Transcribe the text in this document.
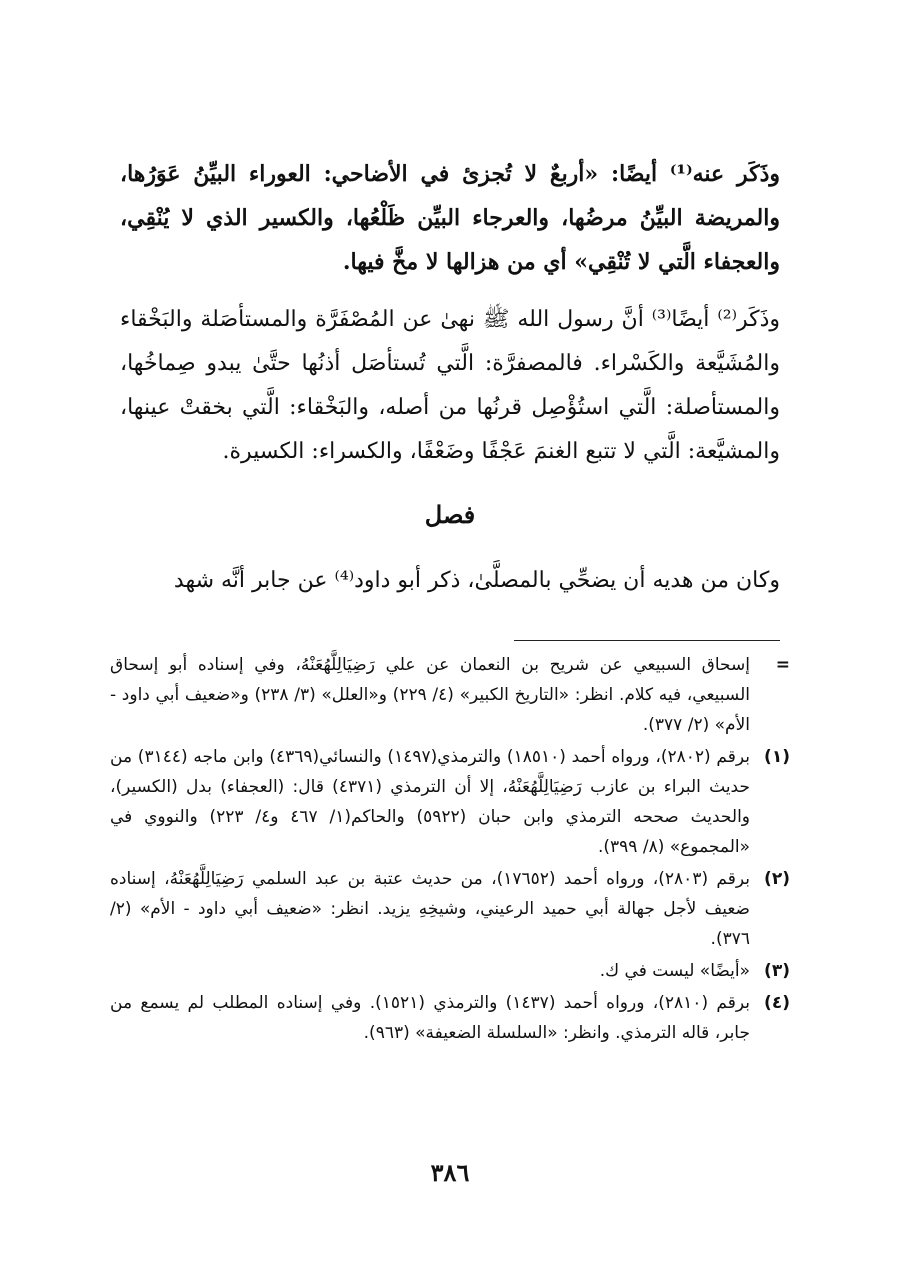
وذَكَر عنه⁽¹⁾ أيضًا: «أربعٌ لا تُجزئ في الأضاحي: العوراء البيِّنُ عَوَرُها، والمريضة البيِّنُ مرضُها، والعرجاء البيِّن ظَلْعُها، والكسير الذي لا يُنْقِي، والعجفاء الَّتي لا تُنْقِي» أي من هزالها لا مخَّ فيها.
وذَكَر⁽²⁾ أيضًا⁽³⁾ أنَّ رسول الله ﷺ نهىٰ عن المُصْفَرَّة والمستأصَلة والبَخْقاء والمُشَيَّعة والكَسْراء. فالمصفرَّة: الَّتي تُستأصَل أذنُها حتَّىٰ يبدو صِماخُها، والمستأصلة: الَّتي استُؤْصِل قرنُها من أصله، والبَخْقاء: الَّتي بخقتْ عينها، والمشيَّعة: الَّتي لا تتبع الغنمَ عَجْفًا وضَعْفًا، والكسراء: الكسيرة.
فصل
وكان من هديه أن يضحِّي بالمصلَّىٰ، ذكر أبو داود⁽⁴⁾ عن جابر أنَّه شهد
=
إسحاق السبيعي عن شريح بن النعمان عن علي رَضِيَالِلَّهُعَنْهُ، وفي إسناده أبو إسحاق السبيعي، فيه كلام. انظر: «التاريخ الكبير» (٤/ ٢٢٩) و«العلل» (٣/ ٢٣٨) و«ضعيف أبي داود - الأم» (٢/ ٣٧٧).
(١)
برقم (٢٨٠٢)، ورواه أحمد (١٨٥١٠) والترمذي(١٤٩٧) والنسائي(٤٣٦٩) وابن ماجه (٣١٤٤) من حديث البراء بن عازب رَضِيَالِلَّهُعَنْهُ، إلا أن الترمذي (٤٣٧١) قال: (العجفاء) بدل (الكسير)، والحديث صححه الترمذي وابن حبان (٥٩٢٢) والحاكم(١/ ٤٦٧ و٤/ ٢٢٣) والنووي في «المجموع» (٨/ ٣٩٩).
(٢)
برقم (٢٨٠٣)، ورواه أحمد (١٧٦٥٢)، من حديث عتبة بن عبد السلمي رَضِيَالِلَّهُعَنْهُ، إسناده ضعيف لأجل جهالة أبي حميد الرعيني، وشيخِهِ يزيد. انظر: «ضعيف أبي داود - الأم» (٢/ ٣٧٦).
(٣)
«أيضًا» ليست في ك.
(٤)
برقم (٢٨١٠)، ورواه أحمد (١٤٣٧) والترمذي (١٥٢١). وفي إسناده المطلب لم يسمع من جابر، قاله الترمذي. وانظر: «السلسلة الضعيفة» (٩٦٣).
٣٨٦
